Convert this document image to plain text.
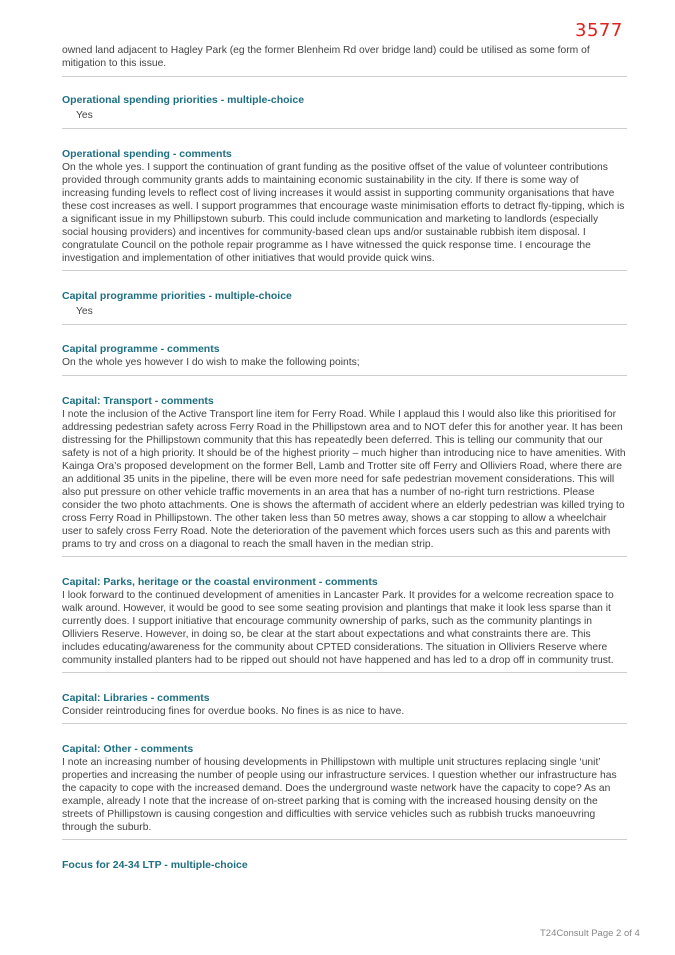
3577

owned land adjacent to Hagley Park (eg the former Blenheim Rd over bridge land) could be utilised as some form of mitigation to this issue.

Operational spending priorities - multiple-choice

Yes

Operational spending - comments

On the whole yes. I support the continuation of grant funding as the positive offset of the value of volunteer contributions provided through community grants adds to maintaining economic sustainability in the city. If there is some way of increasing funding levels to reflect cost of living increases it would assist in supporting community organisations that have these cost increases as well. I support programmes that encourage waste minimisation efforts to detract fly-tipping, which is a significant issue in my Phillipstown suburb. This could include communication and marketing to landlords (especially social housing providers) and incentives for community-based clean ups and/or sustainable rubbish item disposal. I congratulate Council on the pothole repair programme as I have witnessed the quick response time. I encourage the investigation and implementation of other initiatives that would provide quick wins.

Capital programme priorities - multiple-choice

Yes

Capital programme - comments

On the whole yes however I do wish to make the following points;

Capital: Transport - comments

I note the inclusion of the Active Transport line item for Ferry Road. While I applaud this I would also like this prioritised for addressing pedestrian safety across Ferry Road in the Phillipstown area and to NOT defer this for another year. It has been distressing for the Phillipstown community that this has repeatedly been deferred. This is telling our community that our safety is not of a high priority. It should be of the highest priority – much higher than introducing nice to have amenities. With Kainga Ora’s proposed development on the former Bell, Lamb and Trotter site off Ferry and Olliviers Road, where there are an additional 35 units in the pipeline, there will be even more need for safe pedestrian movement considerations. This will also put pressure on other vehicle traffic movements in an area that has a number of no-right turn restrictions. Please consider the two photo attachments. One is shows the aftermath of accident where an elderly pedestrian was killed trying to cross Ferry Road in Phillipstown. The other taken less than 50 metres away, shows a car stopping to allow a wheelchair user to safely cross Ferry Road. Note the deterioration of the pavement which forces users such as this and parents with prams to try and cross on a diagonal to reach the small haven in the median strip.

Capital: Parks, heritage or the coastal environment - comments

I look forward to the continued development of amenities in Lancaster Park. It provides for a welcome recreation space to walk around. However, it would be good to see some seating provision and plantings that make it look less sparse than it currently does. I support initiative that encourage community ownership of parks, such as the community plantings in Olliviers Reserve. However, in doing so, be clear at the start about expectations and what constraints there are. This includes educating/awareness for the community about CPTED considerations. The situation in Olliviers Reserve where community installed planters had to be ripped out should not have happened and has led to a drop off in community trust.

Capital: Libraries - comments

Consider reintroducing fines for overdue books. No fines is as nice to have.

Capital: Other - comments

I note an increasing number of housing developments in Phillipstown with multiple unit structures replacing single ‘unit’ properties and increasing the number of people using our infrastructure services. I question whether our infrastructure has the capacity to cope with the increased demand. Does the underground waste network have the capacity to cope? As an example, already I note that the increase of on-street parking that is coming with the increased housing density on the streets of Phillipstown is causing congestion and difficulties with service vehicles such as rubbish trucks manoeuvring through the suburb.

Focus for 24-34 LTP - multiple-choice

T24Consult Page 2 of 4
